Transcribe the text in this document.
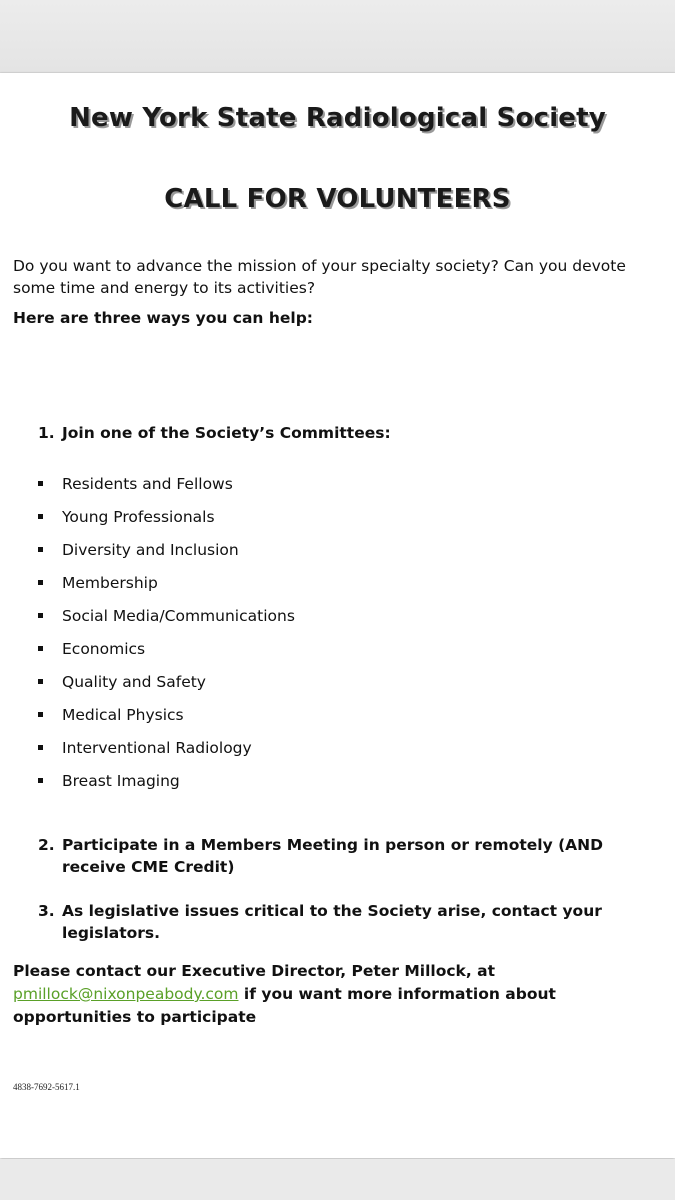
New York State Radiological Society
CALL FOR VOLUNTEERS
Do you want to advance the mission of your specialty society? Can you devote some time and energy to its activities?
Here are three ways you can help:
1. Join one of the Society’s Committees:
Residents and Fellows
Young Professionals
Diversity and Inclusion
Membership
Social Media/Communications
Economics
Quality and Safety
Medical Physics
Interventional Radiology
Breast Imaging
2. Participate in a Members Meeting in person or remotely (AND receive CME Credit)
3. As legislative issues critical to the Society arise, contact your legislators.
Please contact our Executive Director, Peter Millock, at
pmillock@nixonpeabody.com if you want more information about opportunities to participate
4838-7692-5617.1
